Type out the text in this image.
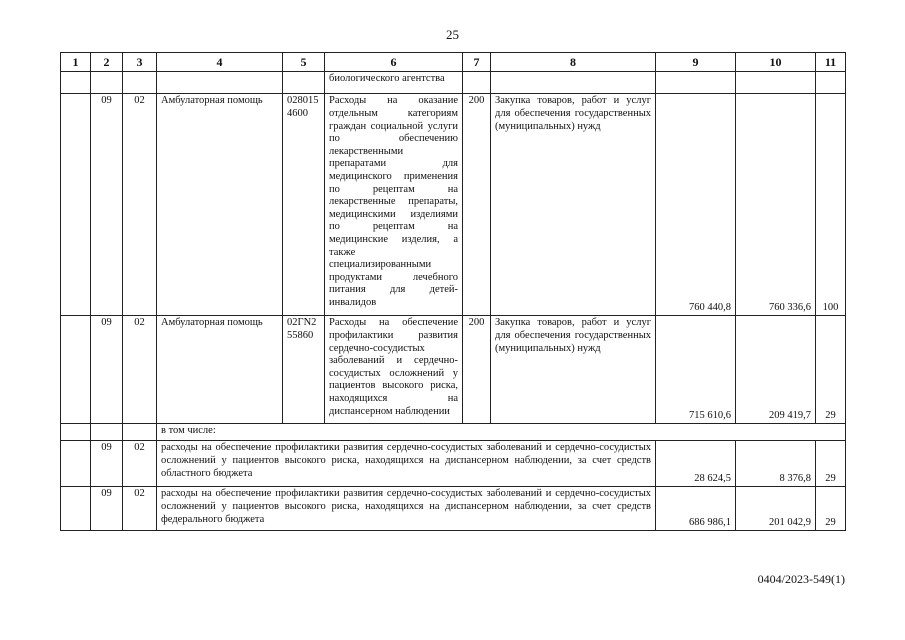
25
1	2	3	4	5	6	7	8	9	10	11
					биологического агентства					
	09	02	Амбулаторная помощь	028015 4600	Расходы на оказание отдельным категориям граждан социальной услуги по обеспечению лекарственными препаратами для медицинского применения по рецептам на лекарственные препараты, медицинскими изделиями по рецептам на медицинские изделия, а также специализированными продуктами лечебного питания для детей-инвалидов	200	Закупка товаров, работ и услуг для обеспечения государственных (муниципальных) нужд	760 440,8	760 336,6	100
	09	02	Амбулаторная помощь	02ГN2 55860	Расходы на обеспечение профилактики развития сердечно-сосудистых заболеваний и сердечно-сосудистых осложнений у пациентов высокого риска, находящихся на диспансерном наблюдении	200	Закупка товаров, работ и услуг для обеспечения государственных (муниципальных) нужд	715 610,6	209 419,7	29
			в том числе:							
	09	02	расходы на обеспечение профилактики развития сердечно-сосудистых заболеваний и сердечно-сосудистых осложнений у пациентов высокого риска, находящихся на диспансерном наблюдении, за счет средств областного бюджета					28 624,5	8 376,8	29
	09	02	расходы на обеспечение профилактики развития сердечно-сосудистых заболеваний и сердечно-сосудистых осложнений у пациентов высокого риска, находящихся на диспансерном наблюдении, за счет средств федерального бюджета					686 986,1	201 042,9	29
0404/2023-549(1)
